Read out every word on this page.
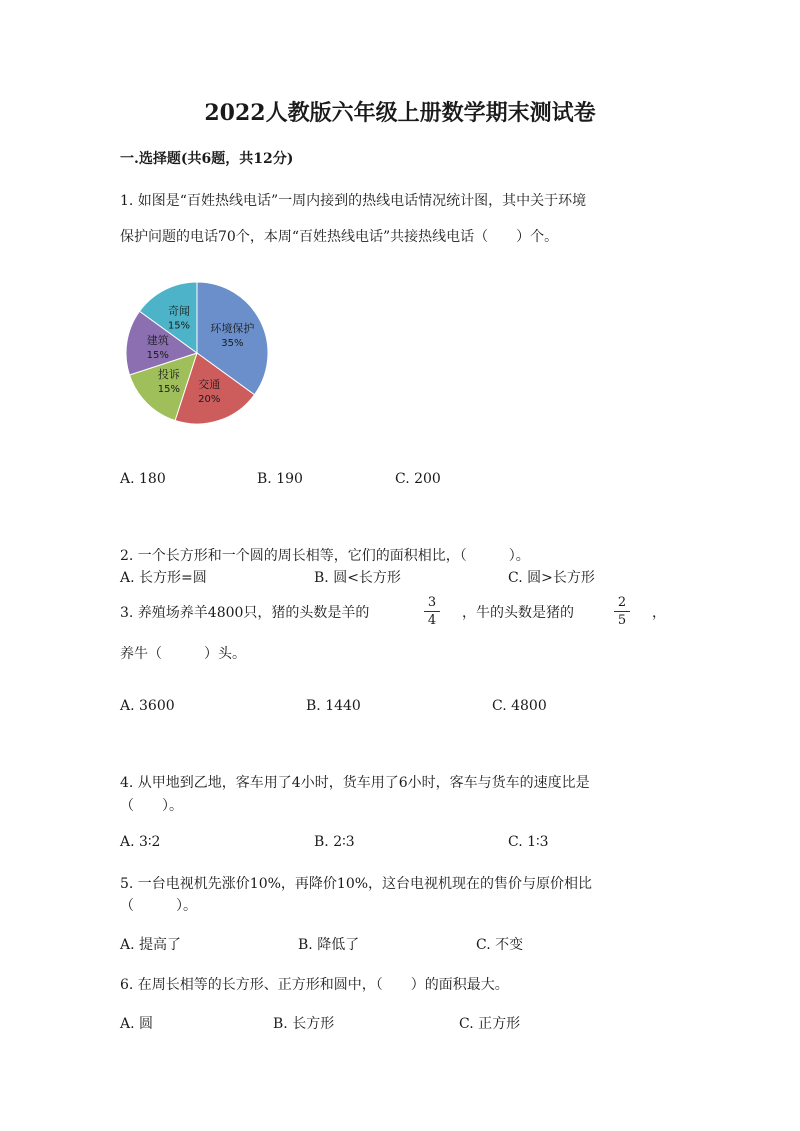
2022人教版六年级上册数学期末测试卷
一.选择题(共6题，共12分)
1. 如图是“百姓热线电话”一周内接到的热线电话情况统计图，其中关于环境
保护问题的电话70个，本周“百姓热线电话”共接热线电话（　　）个。
环境保护
35%
交通
20%
投诉
15%
建筑
15%
奇闻
15%
A. 180	B. 190	C. 200
2. 一个长方形和一个圆的周长相等，它们的面积相比，（　　　）。
A. 长方形=圆	B. 圆<长方形	C. 圆>长方形
3. 养殖场养羊4800只，猪的头数是羊的
3
4 ，牛的头数是猪的
2
5 ，
养牛（　　　）头。
A. 3600	B. 1440	C. 4800
4. 从甲地到乙地，客车用了4小时，货车用了6小时，客车与货车的速度比是
（　　）。
A. 3∶2	B. 2∶3	C. 1∶3
5. 一台电视机先涨价10%，再降价10%，这台电视机现在的售价与原价相比
（　　　）。
A. 提高了	B. 降低了	C. 不变
6. 在周长相等的长方形、正方形和圆中，（　　）的面积最大。
A. 圆	B. 长方形	C. 正方形
